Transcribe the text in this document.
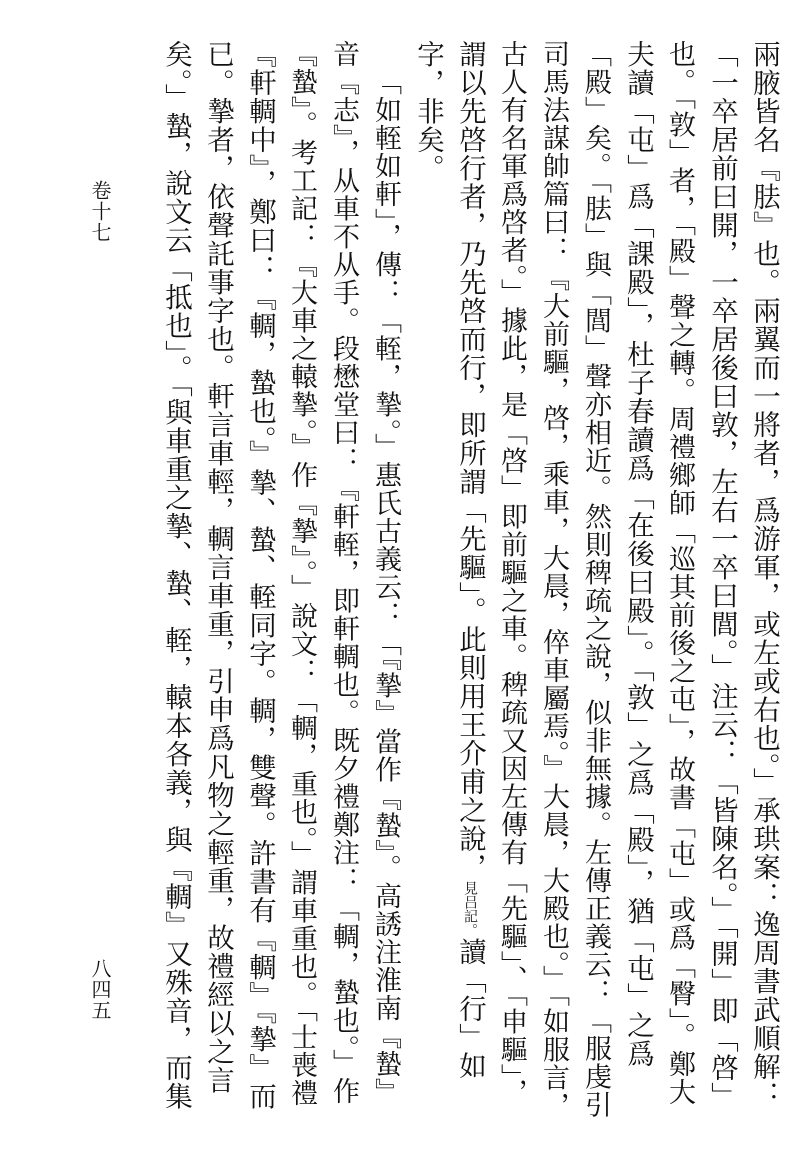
卷十七
八四五	兩腋皆名『胠』也。兩翼而一將者，爲游軍，或左或右也。」承珙案：逸周書武順解：
「一卒居前曰開，一卒居後曰敦，左右一卒曰閭。」注云：「皆陳名。」「開」即「啓」
也。「敦」者，「殿」聲之轉。周禮鄉師「巡其前後之屯」，故書「屯」或爲「臀」。鄭大
夫讀「屯」爲「課殿」，杜子春讀爲「在後曰殿」。「敦」之爲「殿」，猶「屯」之爲
「殿」矣。「胠」與「閭」聲亦相近。然則稗疏之說，似非無據。左傳正義云：「服虔引
司馬法謀帥篇曰：『大前驅，啓，乘車，大晨，倅車屬焉。』大晨，大殿也。」「如服言，
古人有名軍爲啓者。」據此，是「啓」即前驅之車。稗疏又因左傳有「先驅」、「申驅」，
謂以先啓行者，乃先啓而行，即所謂「先驅」。此則用王介甫之說，見吕記。讀「行」如
字，非矣。
「如輊如軒」，傳：「輊，摯。」惠氏古義云：「『摯』當作『蟄』。高誘注淮南『蟄』
音『志』，从車不从手。段懋堂曰：『軒輊，即軒輖也。既夕禮鄭注：「輖，蟄也。」作
『蟄』。考工記：『大車之轅摯。』作『摯』。」說文：「輖，重也。」謂車重也。「士喪禮
『軒輖中』，鄭曰：『輖，蟄也。』摯、蟄、輊同字。輖，雙聲。許書有『輖』『摯』而
已。摯者，依聲託事字也。軒言車輕，輖言車重，引申爲凡物之輕重，故禮經以之言
矣。」蟄，說文云「抵也」。「與車重之摯、蟄、輊，轅本各義，與『輖』又殊音，而集
